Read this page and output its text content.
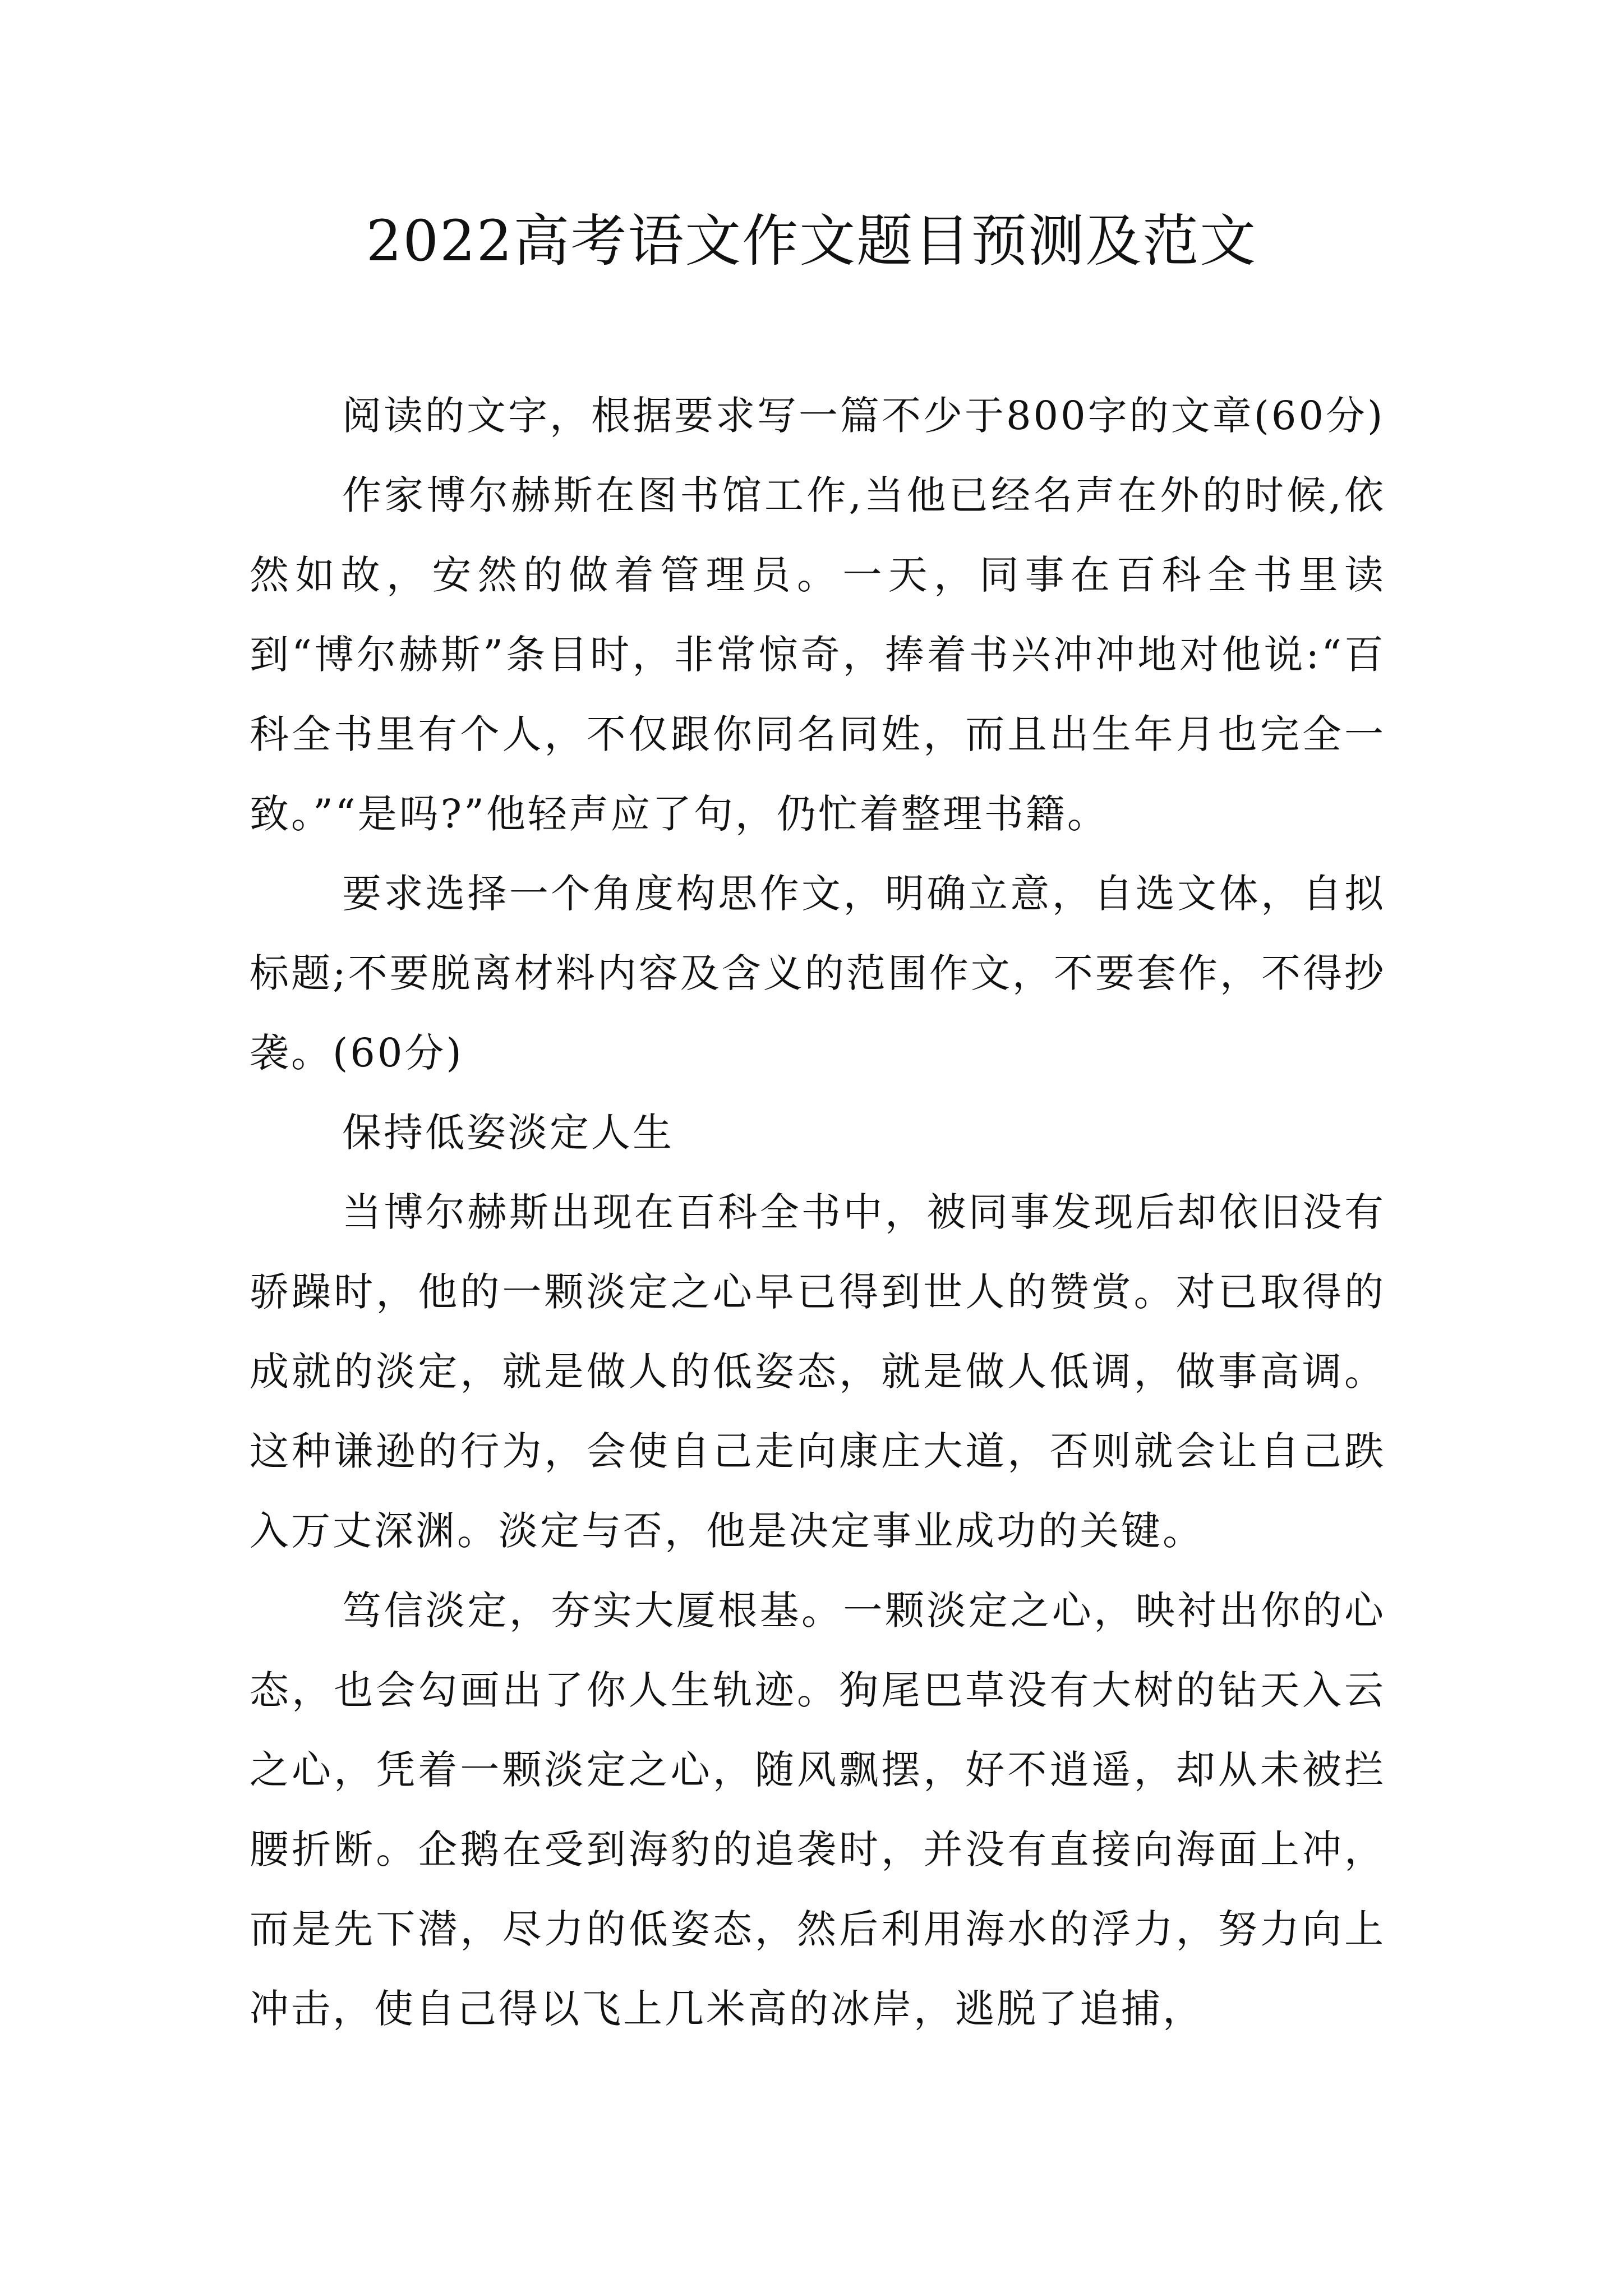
2022高考语文作文题目预测及范文

阅读的文字，根据要求写一篇不少于800字的文章(60分)

作家博尔赫斯在图书馆工作,当他已经名声在外的时候,依然如故，安然的做着管理员。一天，同事在百科全书里读到“博尔赫斯”条目时，非常惊奇，捧着书兴冲冲地对他说:“百科全书里有个人，不仅跟你同名同姓，而且出生年月也完全一致。”“是吗?”他轻声应了句，仍忙着整理书籍。

要求选择一个角度构思作文，明确立意，自选文体，自拟标题;不要脱离材料内容及含义的范围作文，不要套作，不得抄袭。(60分)

保持低姿淡定人生

当博尔赫斯出现在百科全书中，被同事发现后却依旧没有骄躁时，他的一颗淡定之心早已得到世人的赞赏。对已取得的成就的淡定，就是做人的低姿态，就是做人低调，做事高调。这种谦逊的行为，会使自己走向康庄大道，否则就会让自己跌入万丈深渊。淡定与否，他是决定事业成功的关键。

笃信淡定，夯实大厦根基。一颗淡定之心，映衬出你的心态，也会勾画出了你人生轨迹。狗尾巴草没有大树的钻天入云之心，凭着一颗淡定之心，随风飘摆，好不逍遥，却从未被拦腰折断。企鹅在受到海豹的追袭时，并没有直接向海面上冲，而是先下潜，尽力的低姿态，然后利用海水的浮力，努力向上冲击，使自己得以飞上几米高的冰岸，逃脱了追捕，
